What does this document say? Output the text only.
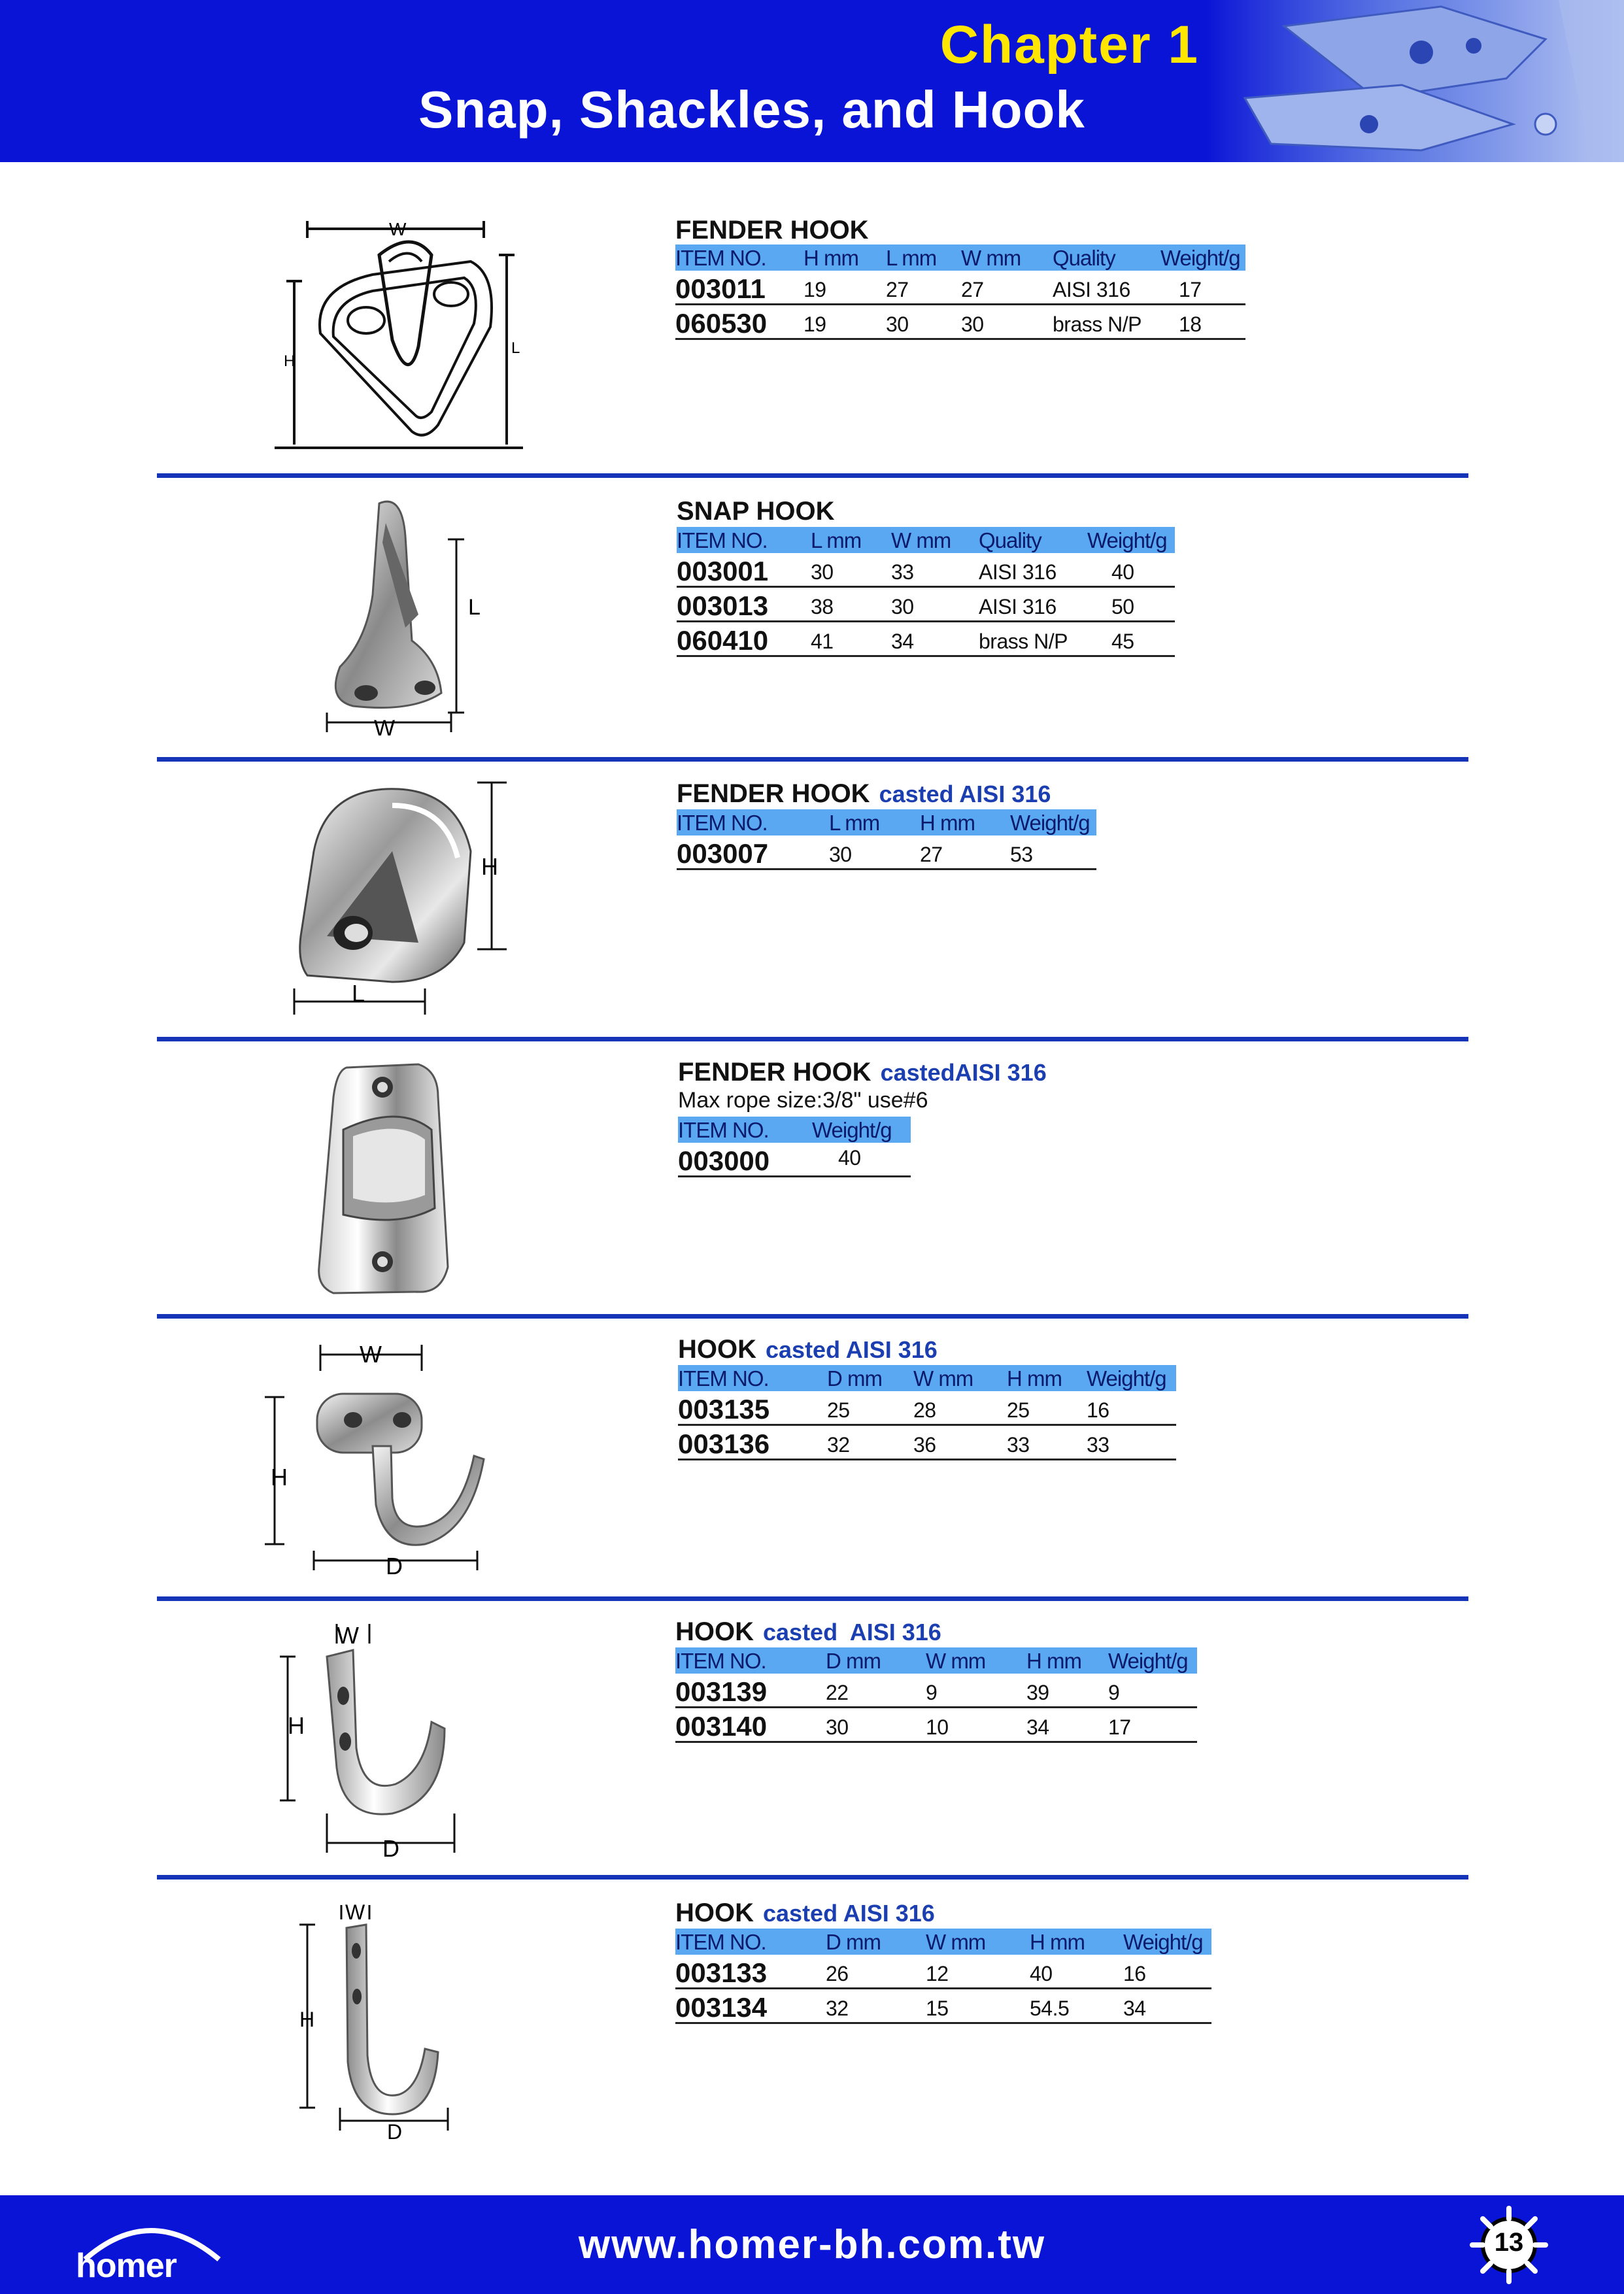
Chapter 1
Snap, Shackles, and Hook
W
H
L
FENDER HOOK
ITEM NO. H mm L mm W mm Quality Weight/g
003011 19	27	27	AISI 316 17
060530 19	30	30	brass N/P 18
L
W
SNAP HOOK
ITEM NO. L mm W mm Quality Weight/g
003001 30	33	AISI 316	40
003013 38	30	AISI 316	50
060410 41	34	brass N/P 45
H
L
FENDER HOOK casted AISI 316
ITEM NO.	L mm H mm Weight/g
003007	30	27	53
FENDER HOOK castedAISI 316
Max rope size:3/8" use#6
ITEM NO. Weight/g
003000	40
W
H
D
HOOK casted AISI 316
ITEM NO.	D mm W mm H mm Weight/g
003135	25	28	25	16
003136	32	36	33	33
W
H
D
HOOK casted  AISI 316
ITEM NO.	D mm W mm H mm Weight/g
003139	22	9	39	9
003140	30	10	34	17
W
H
D
HOOK casted AISI 316
ITEM NO.	D mm W mm H mm Weight/g
003133	26	12	40	16
003134	32	15	54.5	34
homer	www.homer-bh.com.tw	13
